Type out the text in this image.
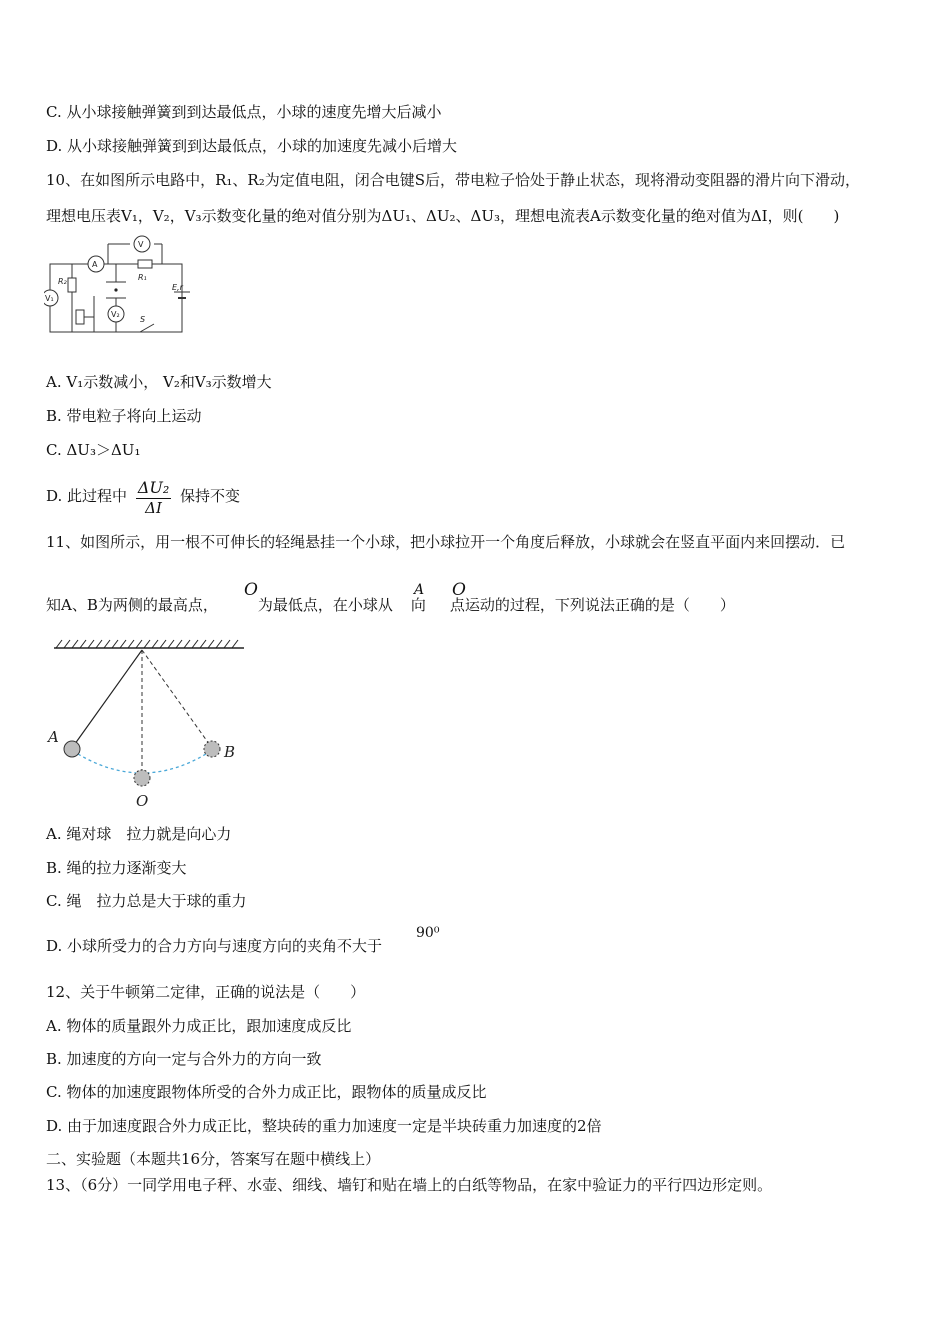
C. 从小球接触弹簧到到达最低点，小球的速度先增大后减小
D. 从小球接触弹簧到到达最低点，小球的加速度先减小后增大
10、在如图所示电路中，R₁、R₂为定值电阻，闭合电键S后，带电粒子恰处于静止状态，现将滑动变阻器的滑片向下滑动，
理想电压表V₁，V₂，V₃示数变化量的绝对值分别为ΔU₁、ΔU₂、ΔU₃，理想电流表A示数变化量的绝对值为ΔI，则(　　)
V
A
R₁
R₂
V₁
V₂
E,r
S
A. V₁示数减小， V₂和V₃示数增大
B. 带电粒子将向上运动
C. ΔU₃＞ΔU₁
D. 此过程中 $\frac{\text{ΔU₂}}{\Delta I}$ 保持不变
11、如图所示，用一根不可伸长的轻绳悬挂一个小球，把小球拉开一个角度后释放，小球就会在竖直平面内来回摆动．已
知A、B为两侧的最高点，	为最低点，在小球从 向 点运动的过程，下列说法正确的是（　　）
O	A O
A
B
O
A. 绳对球　拉力就是向心力
B. 绳的拉力逐渐变大
C. 绳　拉力总是大于球的重力
D. 小球所受力的合力方向与速度方向的夹角不大于
90⁰
12、关于牛顿第二定律，正确的说法是（　　）
A. 物体的质量跟外力成正比，跟加速度成反比
B. 加速度的方向一定与合外力的方向一致
C. 物体的加速度跟物体所受的合外力成正比，跟物体的质量成反比
D. 由于加速度跟合外力成正比，整块砖的重力加速度一定是半块砖重力加速度的2倍
二、实验题（本题共16分，答案写在题中横线上）
13、（6分）一同学用电子秤、水壶、细线、墙钉和贴在墙上的白纸等物品，在家中验证力的平行四边形定则。
